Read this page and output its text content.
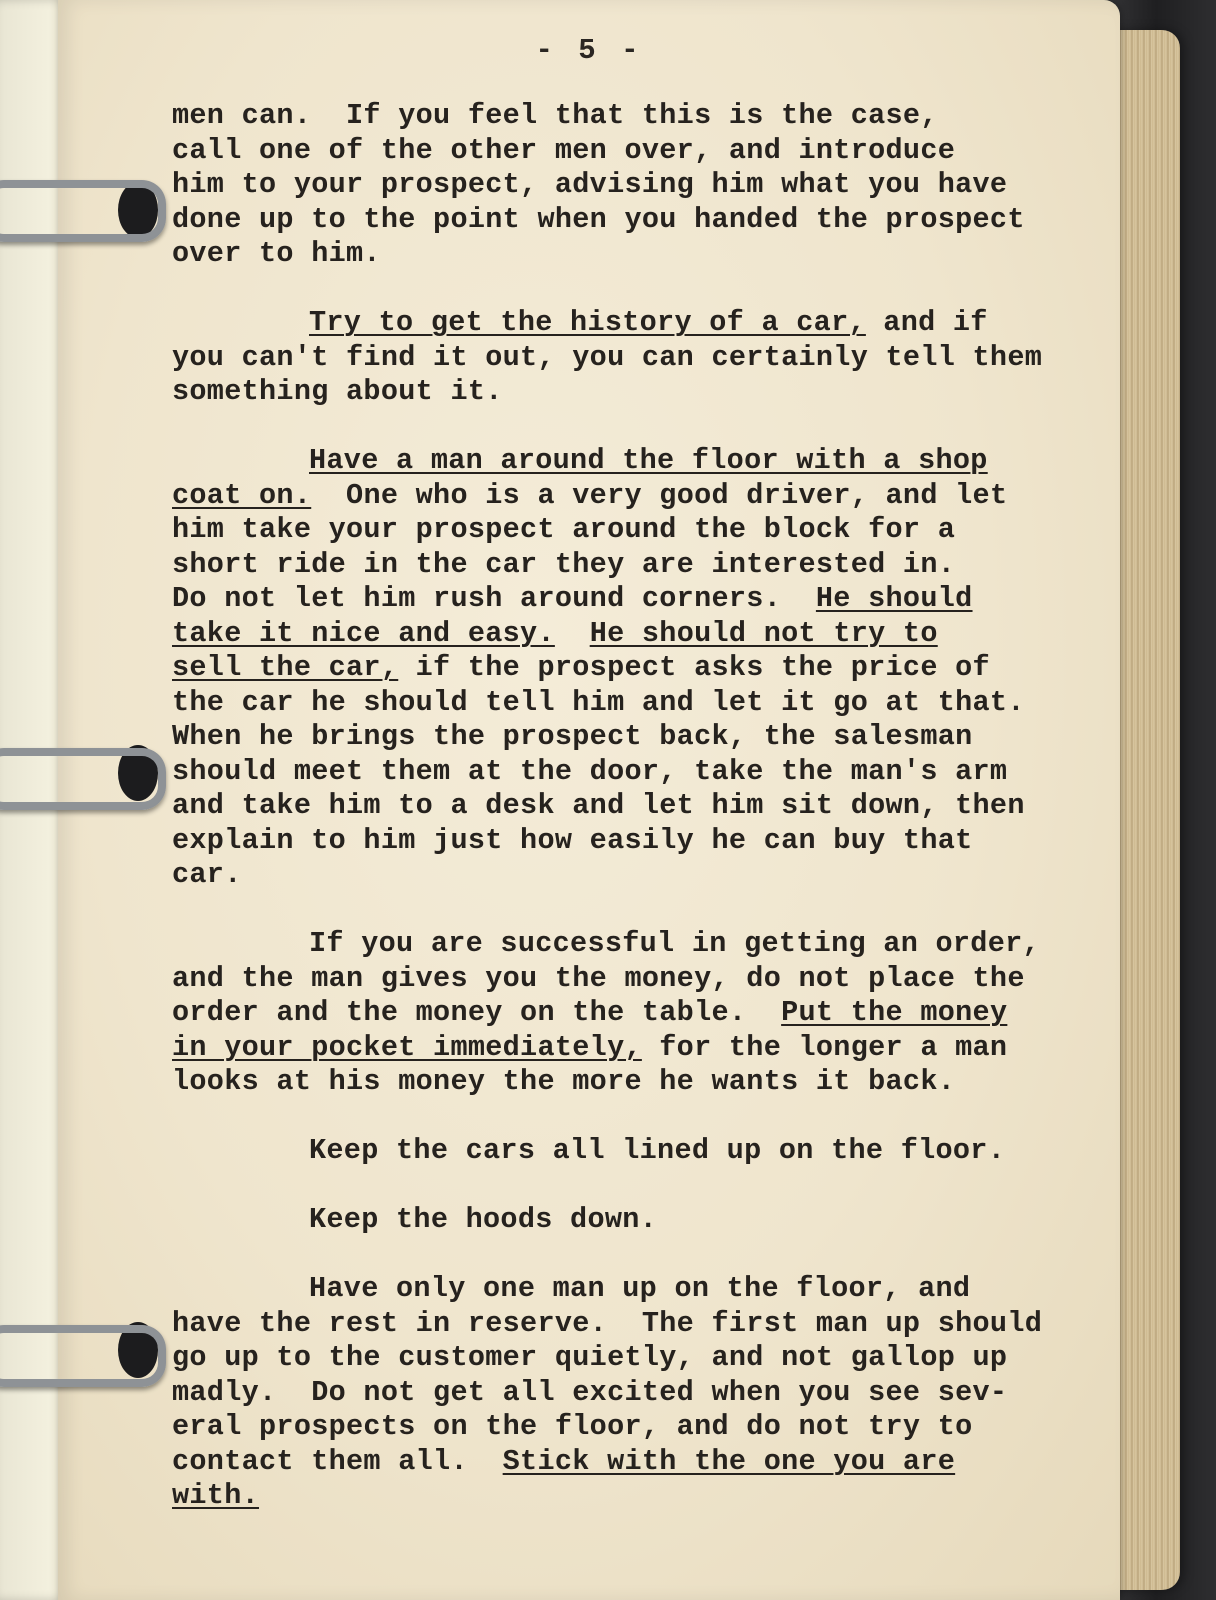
- 5 -
men can.  If you feel that this is the case,
call one of the other men over, and introduce
him to your prospect, advising him what you have
done up to the point when you handed the prospect
over to him.
Try to get the history of a car, and if
you can't find it out, you can certainly tell them
something about it.
Have a man around the floor with a shop
coat on.  One who is a very good driver, and let
him take your prospect around the block for a
short ride in the car they are interested in.
Do not let him rush around corners.  He should
take it nice and easy. He should not try to
sell the car, if the prospect asks the price of
the car he should tell him and let it go at that.
When he brings the prospect back, the salesman
should meet them at the door, take the man's arm
and take him to a desk and let him sit down, then
explain to him just how easily he can buy that
car.
If you are successful in getting an order,
and the man gives you the money, do not place the
order and the money on the table.  Put the money
in your pocket immediately, for the longer a man
looks at his money the more he wants it back.
Keep the cars all lined up on the floor.
Keep the hoods down.
Have only one man up on the floor, and
have the rest in reserve.  The first man up should
go up to the customer quietly, and not gallop up
madly.  Do not get all excited when you see sev-
eral prospects on the floor, and do not try to
contact them all.  Stick with the one you are
with.
